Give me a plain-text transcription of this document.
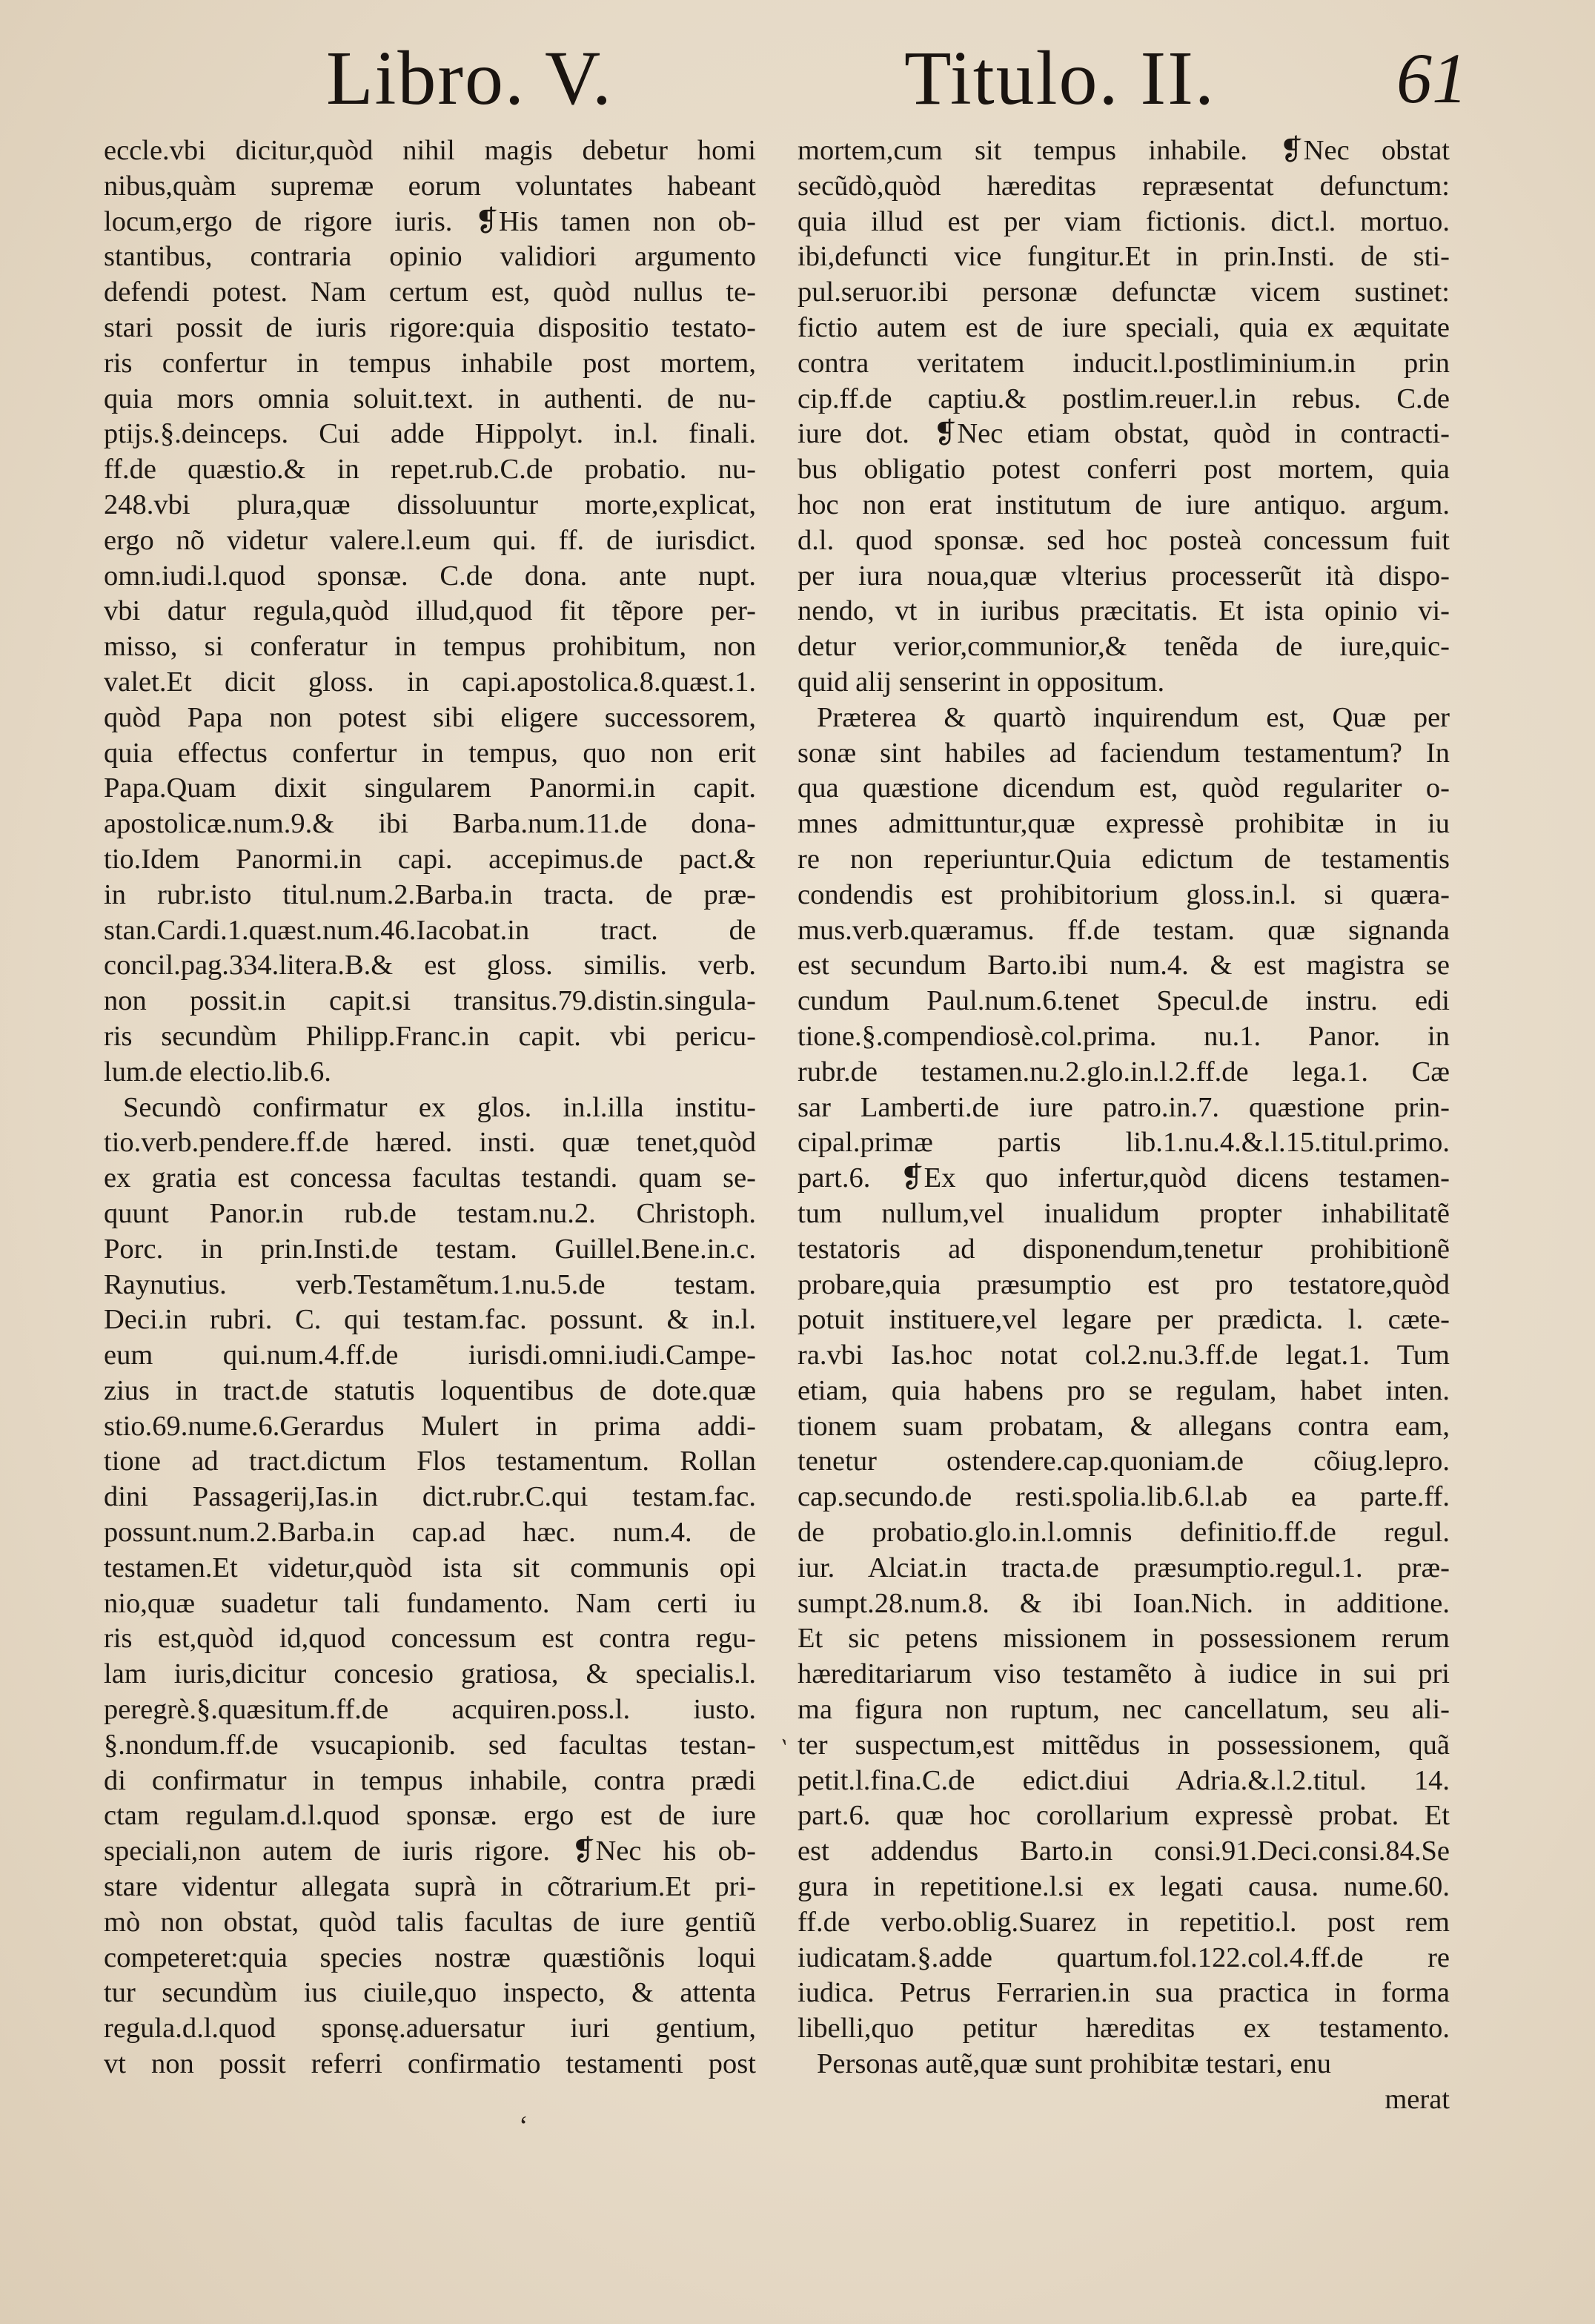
Libro. V.	Titulo. II.	61
eccle.vbi dicitur,quòd nihil magis debetur homi
nibus,quàm supremæ eorum voluntates habeant
locum,ergo de rigore iuris. ❡His tamen non ob-
stantibus, contraria opinio validiori argumento
defendi potest. Nam certum est, quòd nullus te-
stari possit de iuris rigore:quia dispositio testato-
ris confertur in tempus inhabile post mortem,
quia mors omnia soluit.text. in authenti. de nu-
ptijs.§.deinceps. Cui adde Hippolyt. in.l. finali.
ff.de quæstio.& in repet.rub.C.de probatio. nu-
248.vbi plura,quæ dissoluuntur morte,explicat,
ergo nõ videtur valere.l.eum qui. ff. de iurisdict.
omn.iudi.l.quod sponsæ. C.de dona. ante nupt.
vbi datur regula,quòd illud,quod fit tẽpore per-
misso, si conferatur in tempus prohibitum, non
valet.Et dicit gloss. in capi.apostolica.8.quæst.1.
quòd Papa non potest sibi eligere successorem,
quia effectus confertur in tempus, quo non erit
Papa.Quam dixit singularem Panormi.in capit.
apostolicæ.num.9.& ibi Barba.num.11.de dona-
tio.Idem Panormi.in capi. accepimus.de pact.&
in rubr.isto titul.num.2.Barba.in tracta. de præ-
stan.Cardi.1.quæst.num.46.Iacobat.in tract. de
concil.pag.334.litera.B.& est gloss. similis. verb.
non possit.in capit.si transitus.79.distin.singula-
ris secundùm Philipp.Franc.in capit. vbi pericu-
lum.de electio.lib.6.
Secundò confirmatur ex glos. in.l.illa institu-
tio.verb.pendere.ff.de hæred. insti. quæ tenet,quòd
ex gratia est concessa facultas testandi. quam se-
quunt Panor.in rub.de testam.nu.2. Christoph.
Porc. in prin.Insti.de testam. Guillel.Bene.in.c.
Raynutius. verb.Testamẽtum.1.nu.5.de testam.
Deci.in rubri. C. qui testam.fac. possunt. & in.l.
eum qui.num.4.ff.de iurisdi.omni.iudi.Campe-
zius in tract.de statutis loquentibus de dote.quæ
stio.69.nume.6.Gerardus Mulert in prima addi-
tione ad tract.dictum Flos testamentum. Rollan
dini Passagerij,Ias.in dict.rubr.C.qui testam.fac.
possunt.num.2.Barba.in cap.ad hæc. num.4. de
testamen.Et videtur,quòd ista sit communis opi
nio,quæ suadetur tali fundamento. Nam certi iu
ris est,quòd id,quod concessum est contra regu-
lam iuris,dicitur concesio gratiosa, & specialis.l.
peregrè.§.quæsitum.ff.de acquiren.poss.l. iusto.
§.nondum.ff.de vsucapionib. sed facultas testan-
di confirmatur in tempus inhabile, contra prædi
ctam regulam.d.l.quod sponsæ. ergo est de iure
speciali,non autem de iuris rigore. ❡Nec his ob-
stare videntur allegata suprà in cõtrarium.Et pri-
mò non obstat, quòd talis facultas de iure gentiũ
competeret:quia species nostræ quæstiõnis loqui
tur secundùm ius ciuile,quo inspecto, & attenta
regula.d.l.quod sponsę.aduersatur iuri gentium,
vt non possit referri confirmatio testamenti post
mortem,cum sit tempus inhabile. ❡Nec obstat
secũdò,quòd hæreditas repræsentat defunctum:
quia illud est per viam fictionis. dict.l. mortuo.
ibi,defuncti vice fungitur.Et in prin.Insti. de sti-
pul.seruor.ibi personæ defunctæ vicem sustinet:
fictio autem est de iure speciali, quia ex æquitate
contra veritatem inducit.l.postliminium.in prin
cip.ff.de captiu.& postlim.reuer.l.in rebus. C.de
iure dot. ❡Nec etiam obstat, quòd in contracti-
bus obligatio potest conferri post mortem, quia
hoc non erat institutum de iure antiquo. argum.
d.l. quod sponsæ. sed hoc posteà concessum fuit
per iura noua,quæ vlterius processerũt ità dispo-
nendo, vt in iuribus præcitatis. Et ista opinio vi-
detur verior,communior,& tenẽda de iure,quic-
quid alij senserint in oppositum.
Præterea & quartò inquirendum est, Quæ per
sonæ sint habiles ad faciendum testamentum? In
qua quæstione dicendum est, quòd regulariter o-
mnes admittuntur,quæ expressè prohibitæ in iu
re non reperiuntur.Quia edictum de testamentis
condendis est prohibitorium gloss.in.l. si quæra-
mus.verb.quæramus. ff.de testam. quæ signanda
est secundum Barto.ibi num.4. & est magistra se
cundum Paul.num.6.tenet Specul.de instru. edi
tione.§.compendiosè.col.prima. nu.1. Panor. in
rubr.de testamen.nu.2.glo.in.l.2.ff.de lega.1. Cæ
sar Lamberti.de iure patro.in.7. quæstione prin-
cipal.primæ partis lib.1.nu.4.&.l.15.titul.primo.
part.6. ❡Ex quo infertur,quòd dicens testamen-
tum nullum,vel inualidum propter inhabilitatẽ
testatoris ad disponendum,tenetur prohibitionẽ
probare,quia præsumptio est pro testatore,quòd
potuit instituere,vel legare per prædicta. l. cæte-
ra.vbi Ias.hoc notat col.2.nu.3.ff.de legat.1. Tum
etiam, quia habens pro se regulam, habet inten.
tionem suam probatam, & allegans contra eam,
tenetur ostendere.cap.quoniam.de cõiug.lepro.
cap.secundo.de resti.spolia.lib.6.l.ab ea parte.ff.
de probatio.glo.in.l.omnis definitio.ff.de regul.
iur. Alciat.in tracta.de præsumptio.regul.1. præ-
sumpt.28.num.8. & ibi Ioan.Nich. in additione.
Et sic petens missionem in possessionem rerum
hæreditariarum viso testamẽto à iudice in sui pri
ma figura non ruptum, nec cancellatum, seu ali-
ter suspectum,est mittẽdus in possessionem, quã
petit.l.fina.C.de edict.diui Adria.&.l.2.titul. 14.
part.6. quæ hoc corollarium expressè probat. Et
est addendus Barto.in consi.91.Deci.consi.84.Se
gura in repetitione.l.si ex legati causa. nume.60.
ff.de verbo.oblig.Suarez in repetitio.l. post rem
iudicatam.§.adde quartum.fol.122.col.4.ff.de re
iudica. Petrus Ferrarien.in sua practica in forma
libelli,quo petitur hæreditas ex testamento.
Personas autẽ,quæ sunt prohibitæ testari, enu
merat
ˋ
ʻ
